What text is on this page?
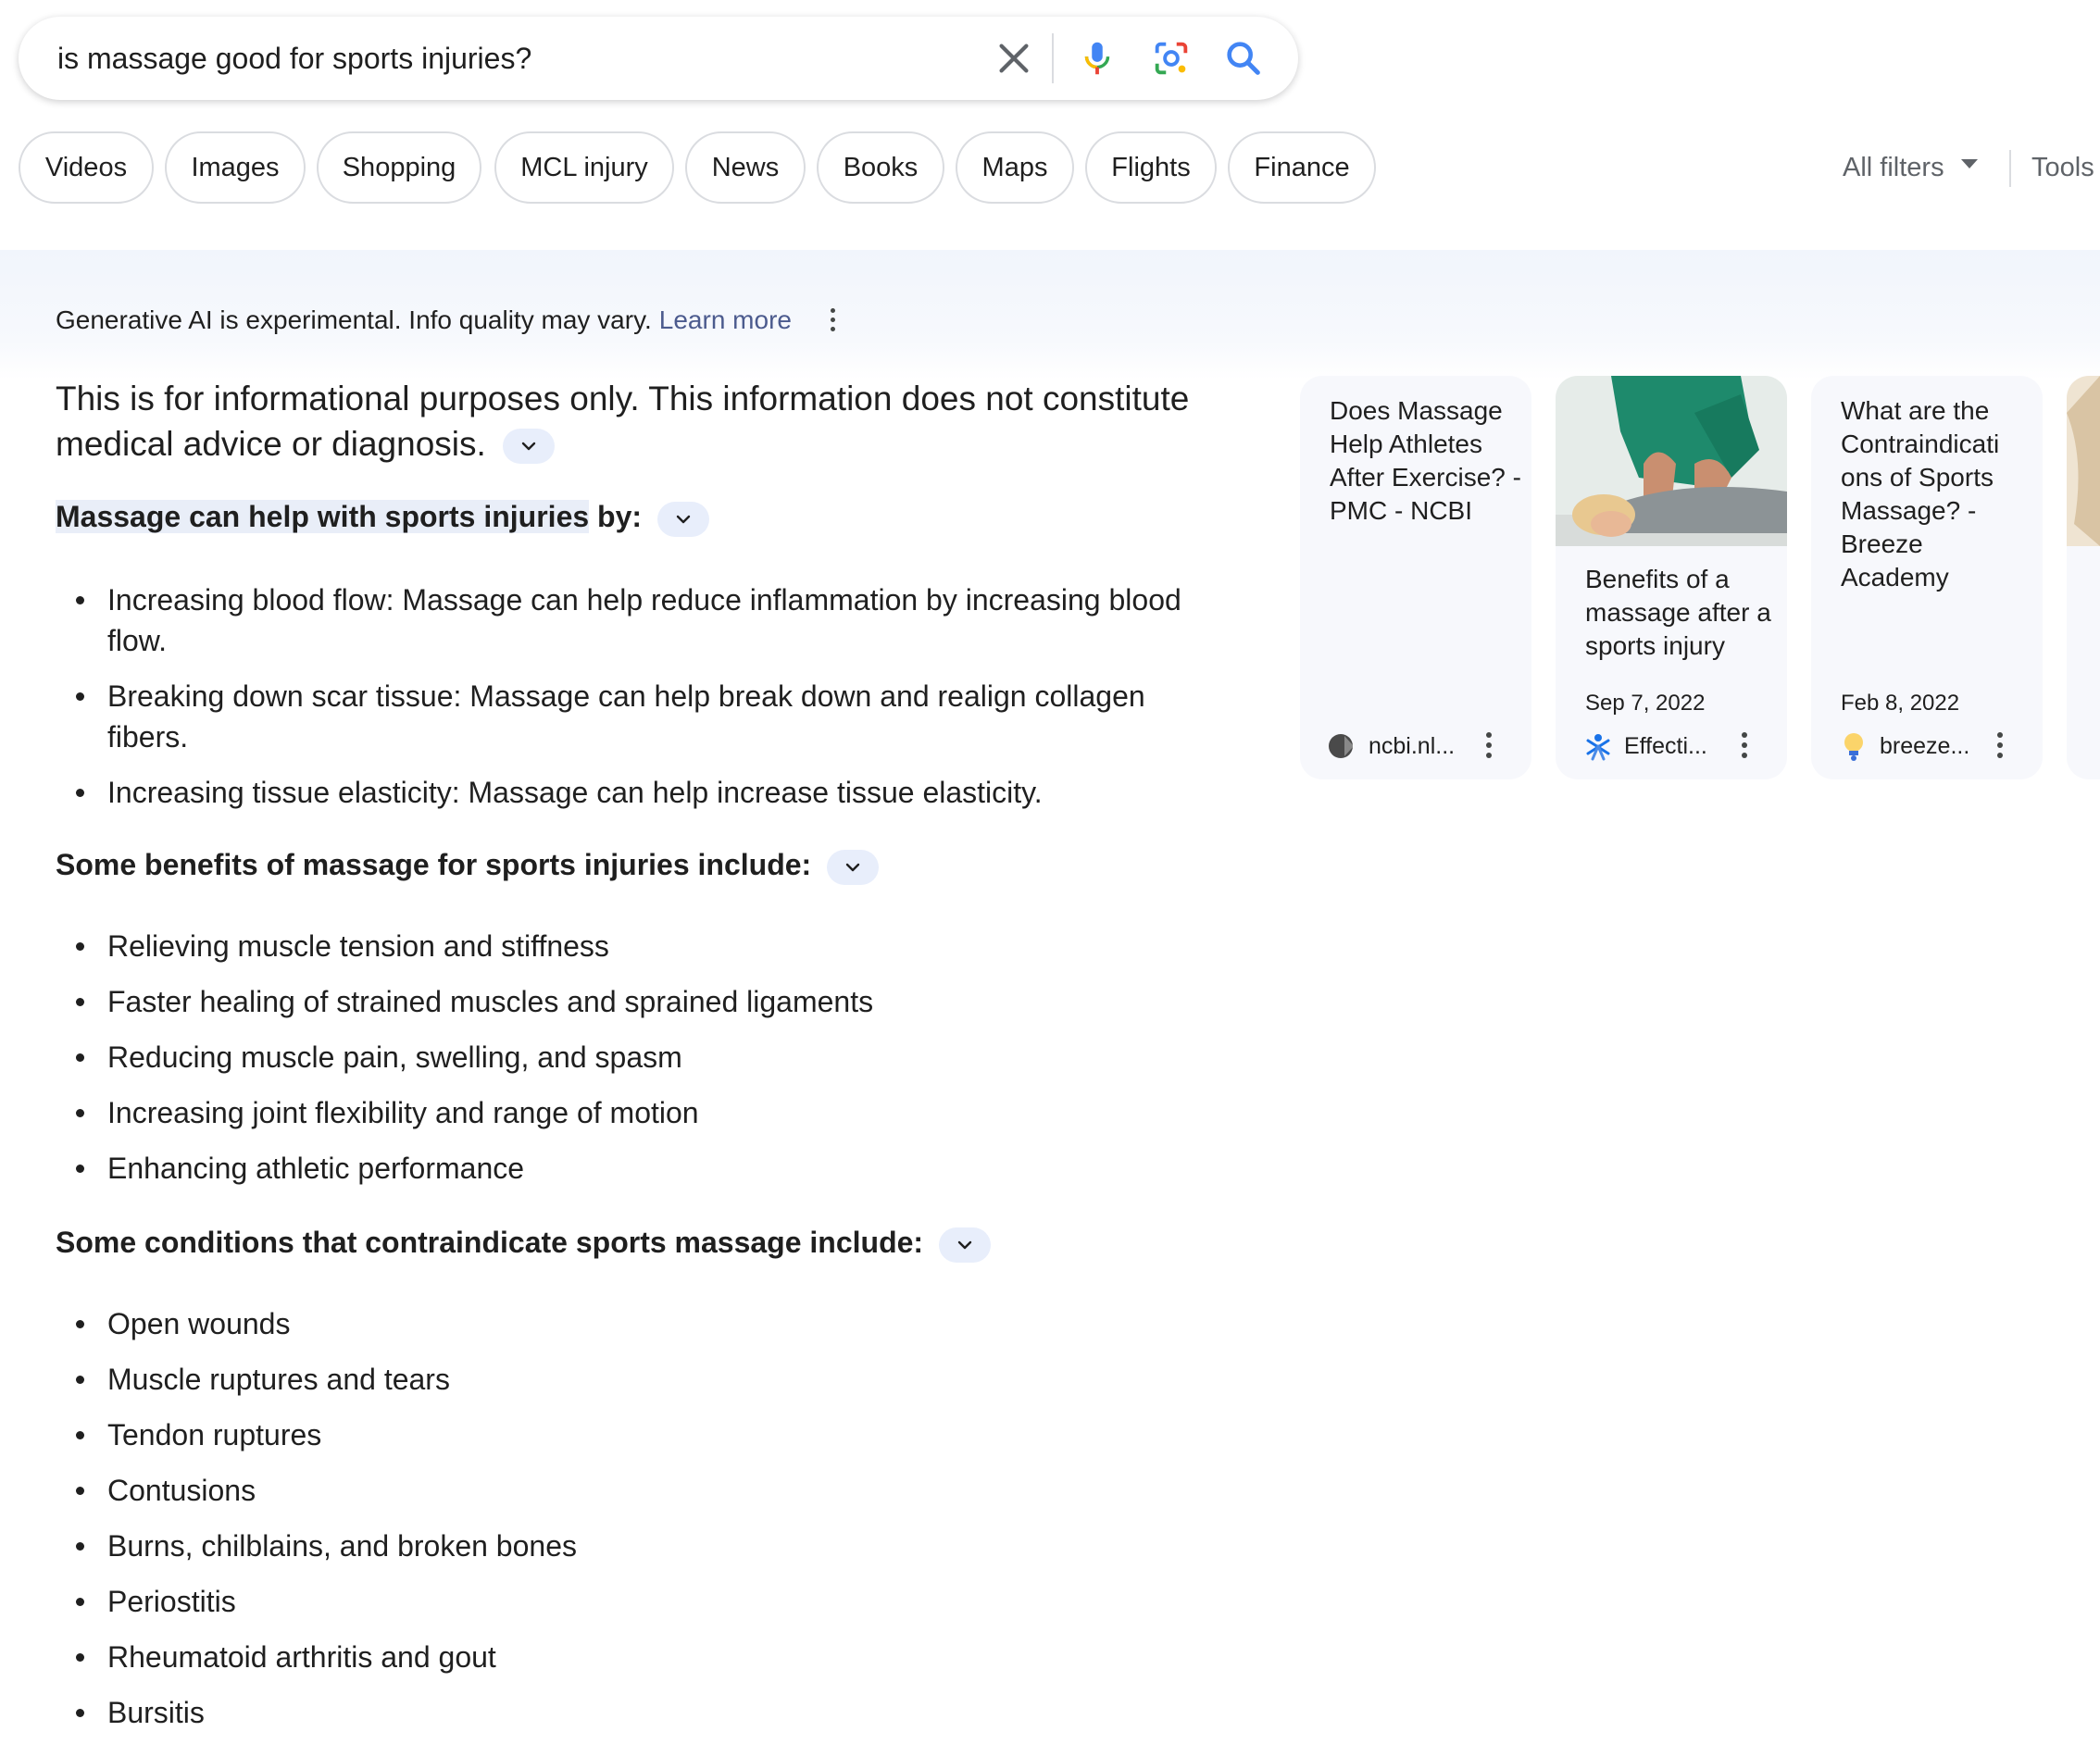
is massage good for sports injuries?
Videos	Images	Shopping	MCL injury	News	Books	Maps	Flights	Finance	All filters	Tools
Generative AI is experimental. Info quality may vary. Learn more

This is for informational purposes only. This information does not constitute medical advice or diagnosis.

Massage can help with sports injuries by:
Increasing blood flow: Massage can help reduce inflammation by increasing blood flow.
Breaking down scar tissue: Massage can help break down and realign collagen fibers.
Increasing tissue elasticity: Massage can help increase tissue elasticity.
Some benefits of massage for sports injuries include:
Relieving muscle tension and stiffness
Faster healing of strained muscles and sprained ligaments
Reducing muscle pain, swelling, and spasm
Increasing joint flexibility and range of motion
Enhancing athletic performance
Some conditions that contraindicate sports massage include:
Open wounds
Muscle ruptures and tears
Tendon ruptures
Contusions
Burns, chilblains, and broken bones
Periostitis
Rheumatoid arthritis and gout
Bursitis
Does Massage Help Athletes After Exercise? - PMC - NCBI
ncbi.nl...
Benefits of a massage after a sports injury
Sep 7, 2022
Effecti...
What are the Contraindicati ons of Sports Massage? - Breeze Academy
Feb 8, 2022
breeze...
